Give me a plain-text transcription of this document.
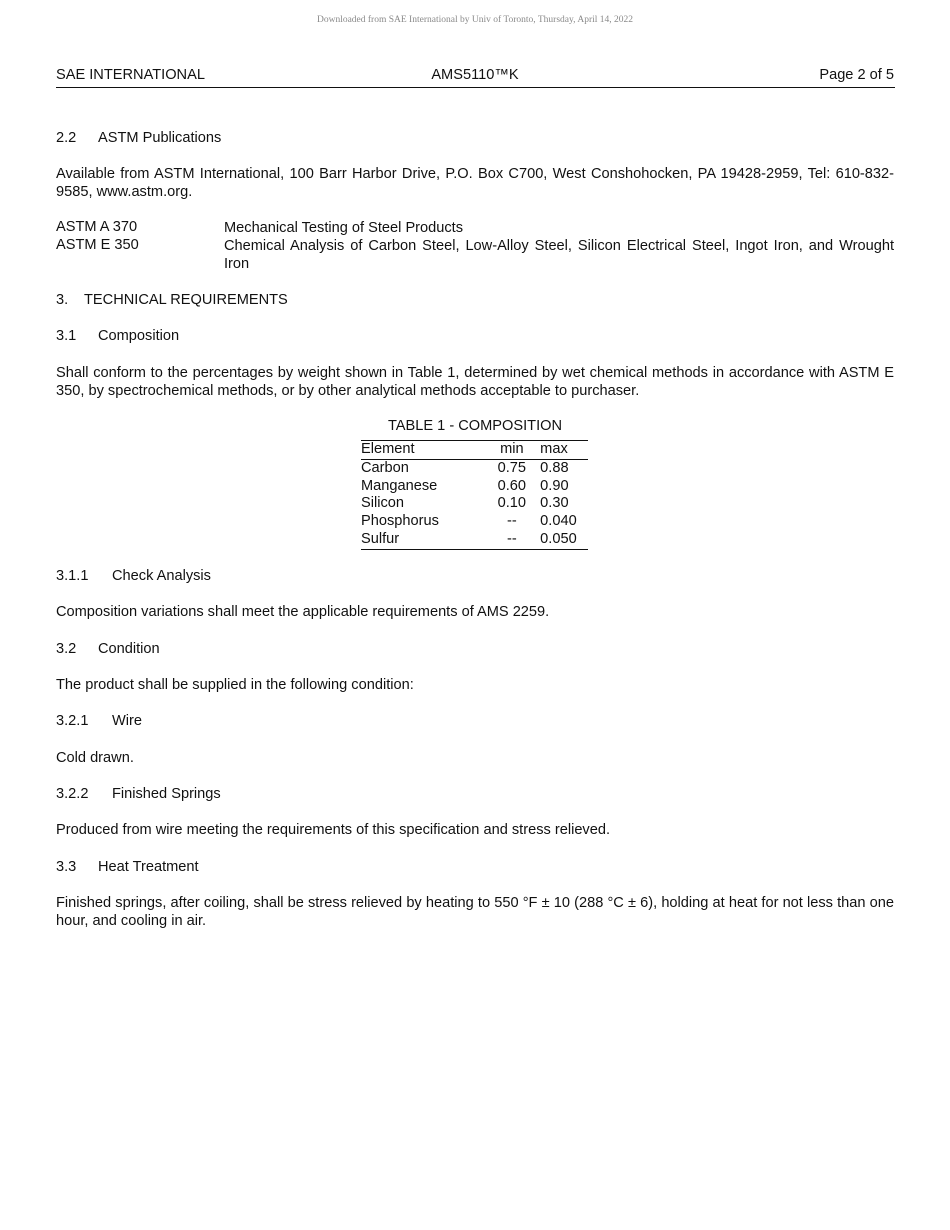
Downloaded from SAE International by Univ of Toronto, Thursday, April 14, 2022
SAE INTERNATIONAL	AMS5110™K	Page 2 of 5
2.2 ASTM Publications
Available from ASTM International, 100 Barr Harbor Drive, P.O. Box C700, West Conshohocken, PA 19428-2959, Tel: 610-832-9585, www.astm.org.
ASTM A 370	Mechanical Testing of Steel Products
ASTM E 350	Chemical Analysis of Carbon Steel, Low-Alloy Steel, Silicon Electrical Steel, Ingot Iron, and Wrought Iron
3. TECHNICAL REQUIREMENTS
3.1 Composition
Shall conform to the percentages by weight shown in Table 1, determined by wet chemical methods in accordance with ASTM E 350, by spectrochemical methods, or by other analytical methods acceptable to purchaser.
TABLE 1 - COMPOSITION
Element	min	max
Carbon	0.75	0.88
Manganese	0.60	0.90
Silicon	0.10	0.30
Phosphorus	--	0.040
Sulfur	--	0.050
3.1.1 Check Analysis
Composition variations shall meet the applicable requirements of AMS 2259.
3.2 Condition
The product shall be supplied in the following condition:
3.2.1 Wire
Cold drawn.
3.2.2 Finished Springs
Produced from wire meeting the requirements of this specification and stress relieved.
3.3 Heat Treatment
Finished springs, after coiling, shall be stress relieved by heating to 550 °F ± 10 (288 °C ± 6), holding at heat for not less than one hour, and cooling in air.
